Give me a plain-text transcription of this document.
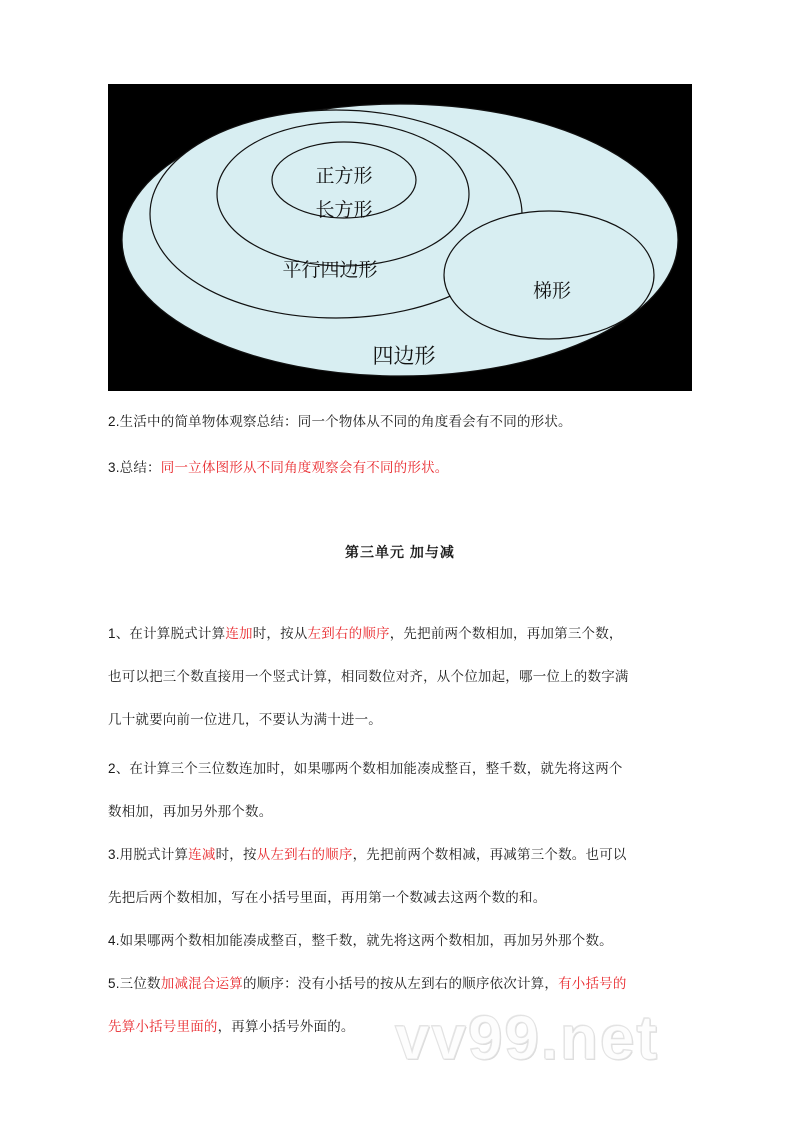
正方形
长方形
平行四边形
梯形
四边形
2.生活中的简单物体观察总结：同一个物体从不同的角度看会有不同的形状。
3.总结：同一立体图形从不同角度观察会有不同的形状。
第三单元 加与减
1、在计算脱式计算连加时，按从左到右的顺序，先把前两个数相加，再加第三个数，
也可以把三个数直接用一个竖式计算，相同数位对齐，从个位加起，哪一位上的数字满
几十就要向前一位进几，不要认为满十进一。
2、在计算三个三位数连加时，如果哪两个数相加能凑成整百，整千数，就先将这两个
数相加，再加另外那个数。
3.用脱式计算连减时，按从左到右的顺序，先把前两个数相减，再减第三个数。也可以
先把后两个数相加，写在小括号里面，再用第一个数减去这两个数的和。
4.如果哪两个数相加能凑成整百，整千数，就先将这两个数相加，再加另外那个数。
5.三位数加减混合运算的顺序：没有小括号的按从左到右的顺序依次计算，有小括号的
先算小括号里面的，再算小括号外面的。 vv99.net
